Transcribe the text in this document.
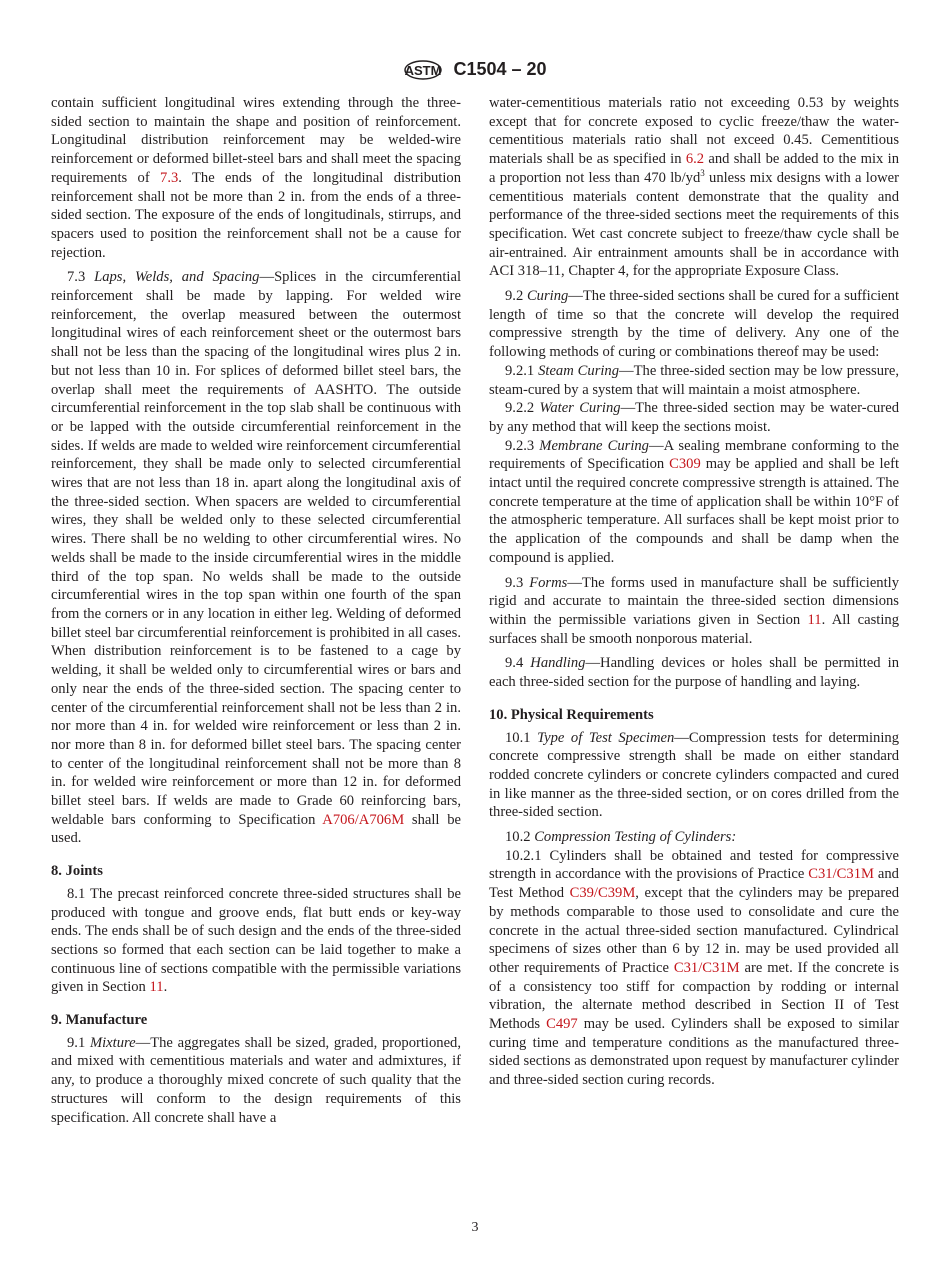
ASTM C1504 – 20

contain sufficient longitudinal wires extending through the three-sided section to maintain the shape and position of reinforcement. Longitudinal distribution reinforcement may be welded-wire reinforcement or deformed billet-steel bars and shall meet the spacing requirements of 7.3. The ends of the longitudinal distribution reinforcement shall not be more than 2 in. from the ends of a three-sided section. The exposure of the ends of longitudinals, stirrups, and spacers used to position the reinforcement shall not be a cause for rejection.

7.3 Laps, Welds, and Spacing—Splices in the circumferential reinforcement shall be made by lapping. For welded wire reinforcement, the overlap measured between the outermost longitudinal wires of each reinforcement sheet or the outermost bars shall not be less than the spacing of the longitudinal wires plus 2 in. but not less than 10 in. For splices of deformed billet steel bars, the overlap shall meet the requirements of AASHTO. The outside circumferential reinforcement in the top slab shall be continuous with or be lapped with the outside circumferential reinforcement in the sides. If welds are made to welded wire reinforcement circumferential reinforcement, they shall be made only to selected circumferential wires that are not less than 18 in. apart along the longitudinal axis of the three-sided section. When spacers are welded to circumferential wires, they shall be welded only to these selected circumferential wires. There shall be no welding to other circumferential wires. No welds shall be made to the inside circumferential wires in the middle third of the top span. No welds shall be made to the outside circumferential wires in the top span within one fourth of the span from the corners or in any location in either leg. Welding of deformed billet steel bar circumferential reinforcement is prohibited in all cases. When distribution reinforcement is to be fastened to a cage by welding, it shall be welded only to circumferential wires or bars and only near the ends of the three-sided section. The spacing center to center of the circumferential reinforcement shall not be less than 2 in. nor more than 4 in. for welded wire reinforcement or less than 2 in. nor more than 8 in. for deformed billet steel bars. The spacing center to center of the longitudinal reinforcement shall not be more than 8 in. for welded wire reinforcement or more than 12 in. for deformed billet steel bars. If welds are made to Grade 60 reinforcing bars, weldable bars conforming to Specification A706/A706M shall be used.

8. Joints

8.1 The precast reinforced concrete three-sided structures shall be produced with tongue and groove ends, flat butt ends or key-way ends. The ends shall be of such design and the ends of the three-sided sections so formed that each section can be laid together to make a continuous line of sections compatible with the permissible variations given in Section 11.

9. Manufacture

9.1 Mixture—The aggregates shall be sized, graded, proportioned, and mixed with cementitious materials and water and admixtures, if any, to produce a thoroughly mixed concrete of such quality that the structures will conform to the design requirements of this specification. All concrete shall have a

water-cementitious materials ratio not exceeding 0.53 by weights except that for concrete exposed to cyclic freeze/thaw the water-cementitious materials ratio shall not exceed 0.45. Cementitious materials shall be as specified in 6.2 and shall be added to the mix in a proportion not less than 470 $lb/yd^3$ unless mix designs with a lower cementitious materials content demonstrate that the quality and performance of the three-sided sections meet the requirements of this specification. Wet cast concrete subject to freeze/thaw cycle shall be air-entrained. Air entrainment amounts shall be in accordance with ACI 318–11, Chapter 4, for the appropriate Exposure Class.

9.2 Curing—The three-sided sections shall be cured for a sufficient length of time so that the concrete will develop the required compressive strength by the time of delivery. Any one of the following methods of curing or combinations thereof may be used:

9.2.1 Steam Curing—The three-sided section may be low pressure, steam-cured by a system that will maintain a moist atmosphere.

9.2.2 Water Curing—The three-sided section may be water-cured by any method that will keep the sections moist.

9.2.3 Membrane Curing—A sealing membrane conforming to the requirements of Specification C309 may be applied and shall be left intact until the required concrete compressive strength is attained. The concrete temperature at the time of application shall be within 10°F of the atmospheric temperature. All surfaces shall be kept moist prior to the application of the compounds and shall be damp when the compound is applied.

9.3 Forms—The forms used in manufacture shall be sufficiently rigid and accurate to maintain the three-sided section dimensions within the permissible variations given in Section 11. All casting surfaces shall be smooth nonporous material.

9.4 Handling—Handling devices or holes shall be permitted in each three-sided section for the purpose of handling and laying.

10. Physical Requirements

10.1 Type of Test Specimen—Compression tests for determining concrete compressive strength shall be made on either standard rodded concrete cylinders or concrete cylinders compacted and cured in like manner as the three-sided section, or on cores drilled from the three-sided section.

10.2 Compression Testing of Cylinders:

10.2.1 Cylinders shall be obtained and tested for compressive strength in accordance with the provisions of Practice C31/C31M and Test Method C39/C39M, except that the cylinders may be prepared by methods comparable to those used to consolidate and cure the concrete in the actual three-sided section manufactured. Cylindrical specimens of sizes other than 6 by 12 in. may be used provided all other requirements of Practice C31/C31M are met. If the concrete is of a consistency too stiff for compaction by rodding or internal vibration, the alternate method described in Section II of Test Methods C497 may be used. Cylinders shall be exposed to similar curing time and temperature conditions as the manufactured three-sided sections as demonstrated upon request by manufacturer cylinder and three-sided section curing records.

3
